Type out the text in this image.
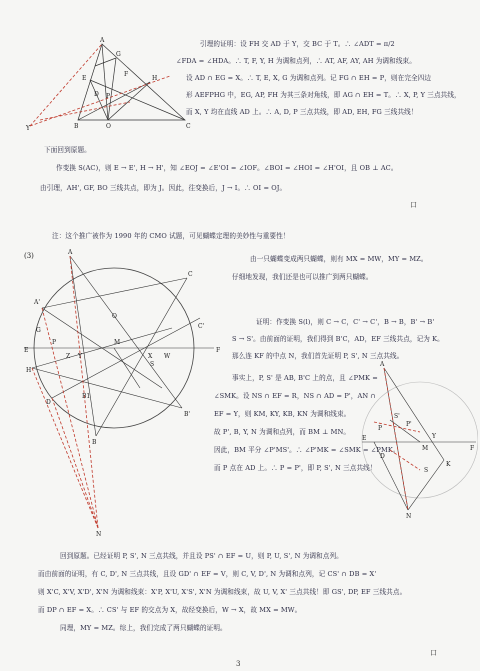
A
G
E	H
F
P
D
B	O	C
Y
引理的证明：设 FH 交 AD 于 Y，交 BC 于 T。∴ ∠ADT = π/2
∠FDA = ∠HDA。∴ T, F, Y, H 为调和点列，∴ AT, AF, AY, AH 为调和线束。
设 AD ∩ EG = X。∴ T, E, X, G 为调和点列。记 FG ∩ EH = P，则在完全四边
形 AEFPHG 中，EG, AP, FH 为其三条对角线，即 AG ∩ EH = T。∴ X, P, Y 三点共线，
而 X, Y 均在直线 AD 上。∴ A, D, P 三点共线，即 AD, EH, FG 三线共线！
下面回到原题。
作变换 S(AC)，则 E → E', H → H'，知 ∠EOJ = ∠E'OI = ∠IOF。∠BOI = ∠HOI = ∠H'OI，且 OB ⊥ AC。
由引理，AH', GF, BO 三线共点，即为 J。因此，往变换后，J → I。∴ OI = OJ。
口
注：这个推广被作为 1990 年的 CMO 试题，可见蝴蝶定理的美妙性与重要性！
(3)	A
C
B
A'
E	F
G
H
B'
D
M
P
S
C'
W
X
Z Y
N
B1
O
由一只蝴蝶变成两只蝴蝶，则有 MX = MW，MY = MZ。
仔细地发现，我们还是也可以推广到两只蝴蝶。
证明：作变换 S(l)，则 C → C，C' → C'，B → B，B' → B'
S → S'。由前面的证明，我们得到 B'C，AD，EF 三线共点，记为 K。
那么连 KF 的中点 N，我们首先证明 P, S', N 三点共线。
事实上，P, S' 是 AB, B'C 上的点，且 ∠PMK =
∠SMK。设 NS ∩ EF = R，NS ∩ AD = P'，AN ∩
EF = Y，则 KM, KY, KB, KN 为调和线束。
故 P', B, Y, N 为调和点列，而 BM ⊥ MN。
因此，BM 平分 ∠P'MS'。∴ ∠P'MK = ∠SMK = ∠PMK。
而 P 点在 AD 上。∴ P = P'，即 P, S', N 三点共线！
A
E
F
M
P
S'
P'
D
S
N
K
Y
回到原题。已经证明 P, S', N 三点共线，并且设 PS' ∩ EF = U，则 P, U, S', N 为调和点列。
而由前面的证明，有 C, D', N 三点共线，且设 GD' ∩ EF = V，则 C, V, D', N 为调和点列，记 CS' ∩ DB = X'
则 X'C, X'V, X'D', X'N 为调和线束：X'P, X'U, X'S', X'N 为调和线束，故 U, V, X' 三点共线！即 GS', DP, EF 三线共点。
而 DP ∩ EF = X。∴ CS' 与 EF 的交点为 X，故经变换后，W → X，故 MX = MW。
同理，MY = MZ。综上，我们完成了两只蝴蝶的证明。
口
3
